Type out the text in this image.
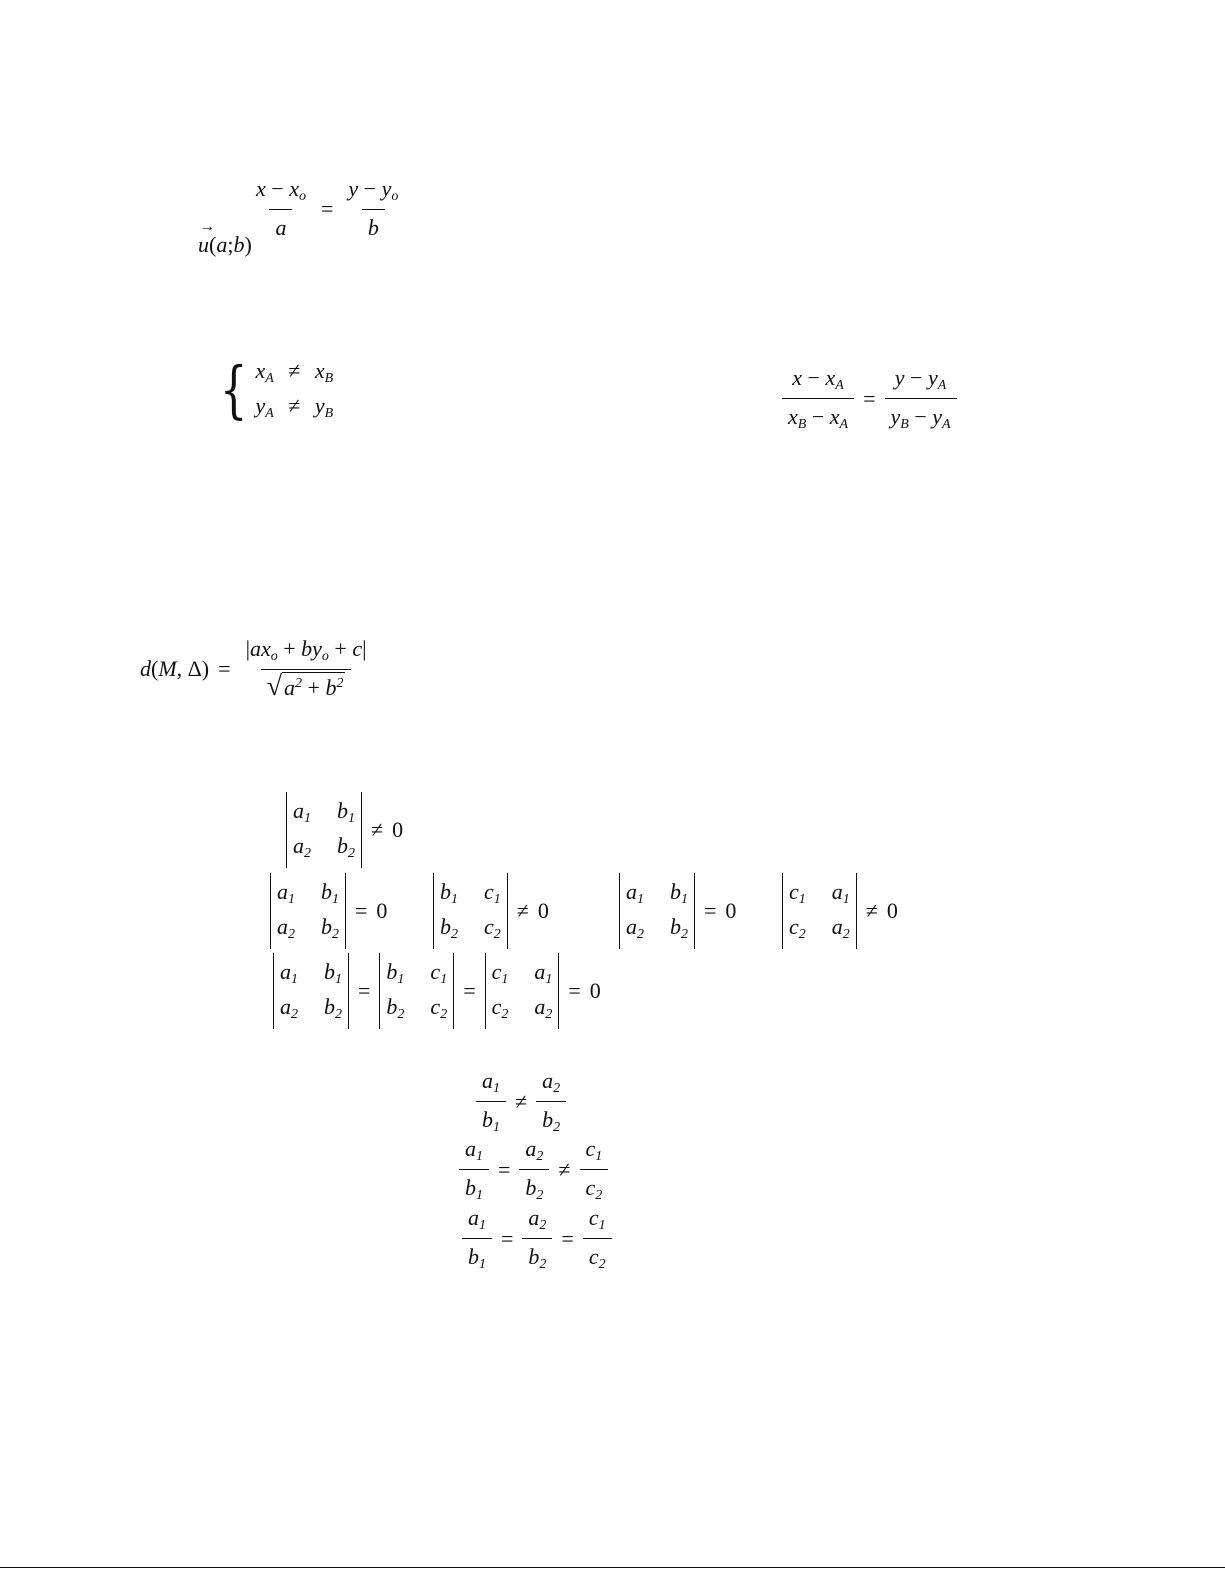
$\frac{x - x_o}{a} = \frac{y - y_o}{b}$
u
→
( a ; b )
{ $x_A \ne x_B$
$y_A \ne y_B$	$\frac{x - x_A}{x_B - x_A} = \frac{y - y_A}{y_B - y_A}$
d(M, $\Delta) = \frac{|ax_o + by_o + c|}{√ a^2 + b^2}$
$a_1$ $b_1$
$a_2$ $b_2$
≠ 0
$a_1$ $b_1$
$a_2$ $b_2$
= 0
$b_1$ $c_1$
$b_2$ $c_2$
≠ 0
$a_1$ $b_1$
$a_2$ $b_2$
= 0
$c_1$ $a_1$
$c_2$ $a_2$
≠ 0
$a_1$ $b_1$
$a_2$ $b_2$
=
$b_1$ $c_1$
$b_2$ $c_2$
=
$c_1$ $a_1$
$c_2$ $a_2$
= 0
$\frac{a_1}{b_1} \ne \frac{a_2}{b_2}$
$\frac{a_1}{b_1} = \frac{a_2}{b_2} \ne \frac{c_1}{c_2}$
$\frac{a_1}{b_1} = \frac{a_2}{b_2} = \frac{c_1}{c_2}$
